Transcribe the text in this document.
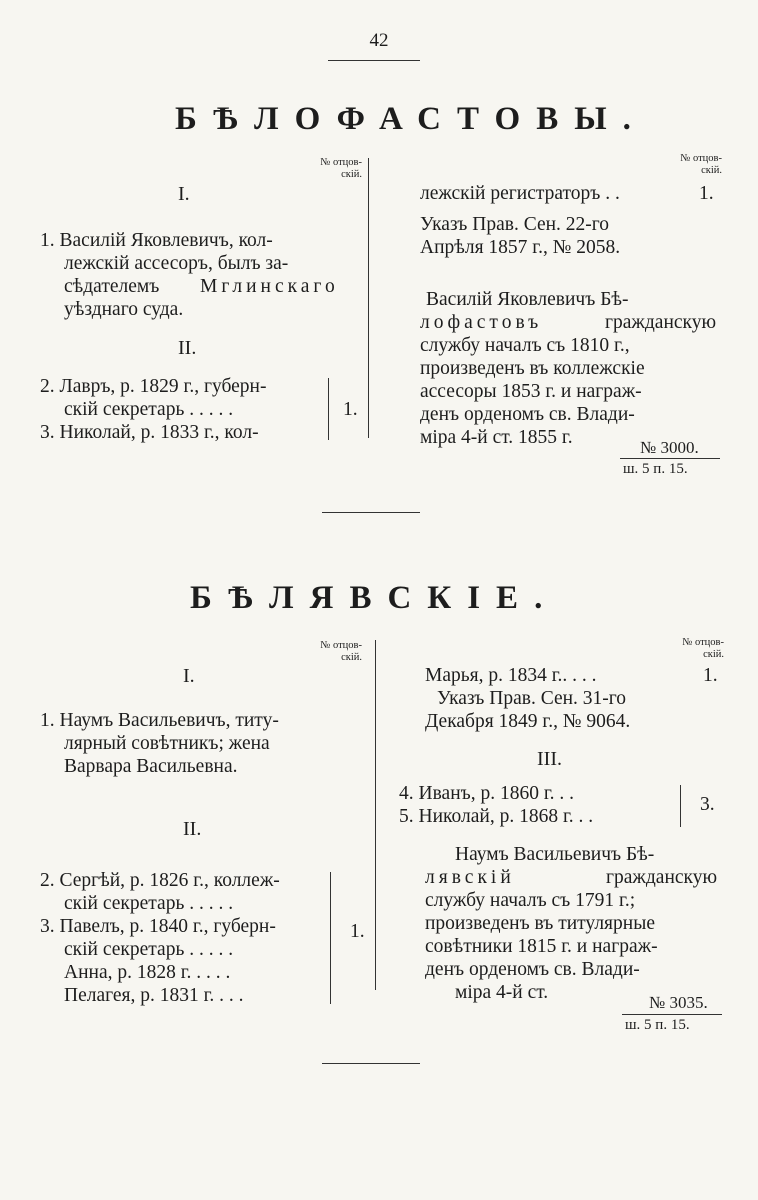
42
БѢЛОФАСТОВЫ.
№ отцов-
скій.
I.
1. Василій Яковлевичъ, кол-
лежскій ассесоръ, былъ за-
сѣдателемъ Мглинскаго
уѣзднаго суда.
II.
2. Лавръ, р. 1829 г., губерн-
скій секретарь . . . . .
3. Николай, р. 1833 г., кол-
1.
№ отцов-
скій.
лежскій регистраторъ . .	1.
Указъ Прав. Сен. 22-го
Апрѣля 1857 г., № 2058.
Василій Яковлевичъ Бѣ-
лофастовъ	гражданскую
службу началъ съ 1810 г.,
произведенъ въ коллежскіе
ассесоры 1853 г. и награж-
денъ орденомъ св. Влади-
міра 4-й ст. 1855 г.	№ 3000.
ш. 5 п. 15.
БѢЛЯВСКІЕ.
№ отцов-
скій.
I.
1. Наумъ Васильевичъ, титу-
лярный совѣтникъ; жена
Варвара Васильевна.
II.
2. Сергѣй, р. 1826 г., коллеж-
скій секретарь . . . . .
3. Павелъ, р. 1840 г., губерн-
скій секретарь . . . . .
Анна, р. 1828 г. . . . .
Пелагея, р. 1831 г. . . .
1.
№ отцов-
скій.
Марья, р. 1834 г.. . . .	1.
Указъ Прав. Сен. 31-го
Декабря 1849 г., № 9064.
III.
4. Иванъ, р. 1860 г. . .
5. Николай, р. 1868 г. . .
3.
Наумъ Васильевичъ Бѣ-
лявскій	гражданскую
службу началъ съ 1791 г.;
произведенъ въ титулярные
совѣтники 1815 г. и награж-
денъ орденомъ св. Влади-
міра 4-й ст.	№ 3035.
ш. 5 п. 15.
